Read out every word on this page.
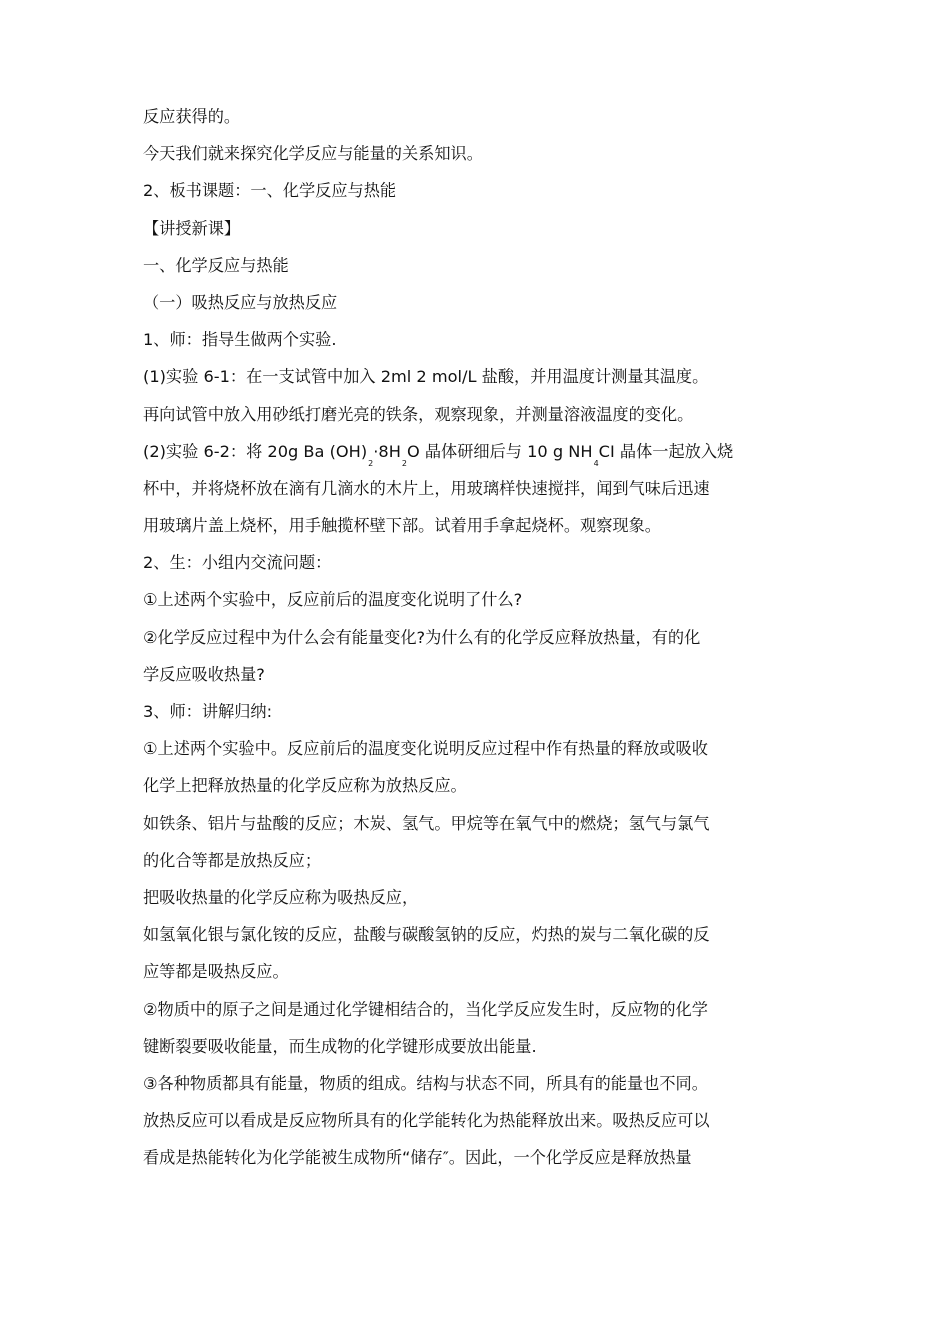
反应获得的。

今天我们就来探究化学反应与能量的关系知识。

2、板书课题：一、化学反应与热能

【讲授新课】

一、化学反应与热能

（一）吸热反应与放热反应

1、师：指导生做两个实验.

(1)实验 6-1：在一支试管中加入 2ml 2 mol/L 盐酸，并用温度计测量其温度。

再向试管中放入用砂纸打磨光亮的铁条，观察现象，并测量溶液温度的变化。

(2)实验 6-2：将 20g Ba $(OH)_2\cdot 8H_2O$ 晶体研细后与 10 g $NH_4CI$ 晶体一起放入烧

杯中，并将烧杯放在滴有几滴水的木片上，用玻璃样快速搅拌，闻到气味后迅速

用玻璃片盖上烧杯，用手触揽杯壁下部。试着用手拿起烧杯。观察现象。

2、生：小组内交流问题：

①上述两个实验中，反应前后的温度变化说明了什么?

②化学反应过程中为什么会有能量变化?为什么有的化学反应释放热量，有的化

学反应吸收热量?

3、师：讲解归纳:

①上述两个实验中。反应前后的温度变化说明反应过程中作有热量的释放或吸收

化学上把释放热量的化学反应称为放热反应。

如铁条、铝片与盐酸的反应；木炭、氢气。甲烷等在氧气中的燃烧；氢气与氯气

的化合等都是放热反应；

把吸收热量的化学反应称为吸热反应，

如氢氧化银与氯化铵的反应，盐酸与碳酸氢钠的反应，灼热的炭与二氧化碳的反

应等都是吸热反应。

②物质中的原子之间是通过化学键相结合的，当化学反应发生时，反应物的化学

键断裂要吸收能量，而生成物的化学键形成要放出能量.

③各种物质都具有能量，物质的组成。结构与状态不同，所具有的能量也不同。

放热反应可以看成是反应物所具有的化学能转化为热能释放出来。吸热反应可以

看成是热能转化为化学能被生成物所“储存″。因此，一个化学反应是释放热量
